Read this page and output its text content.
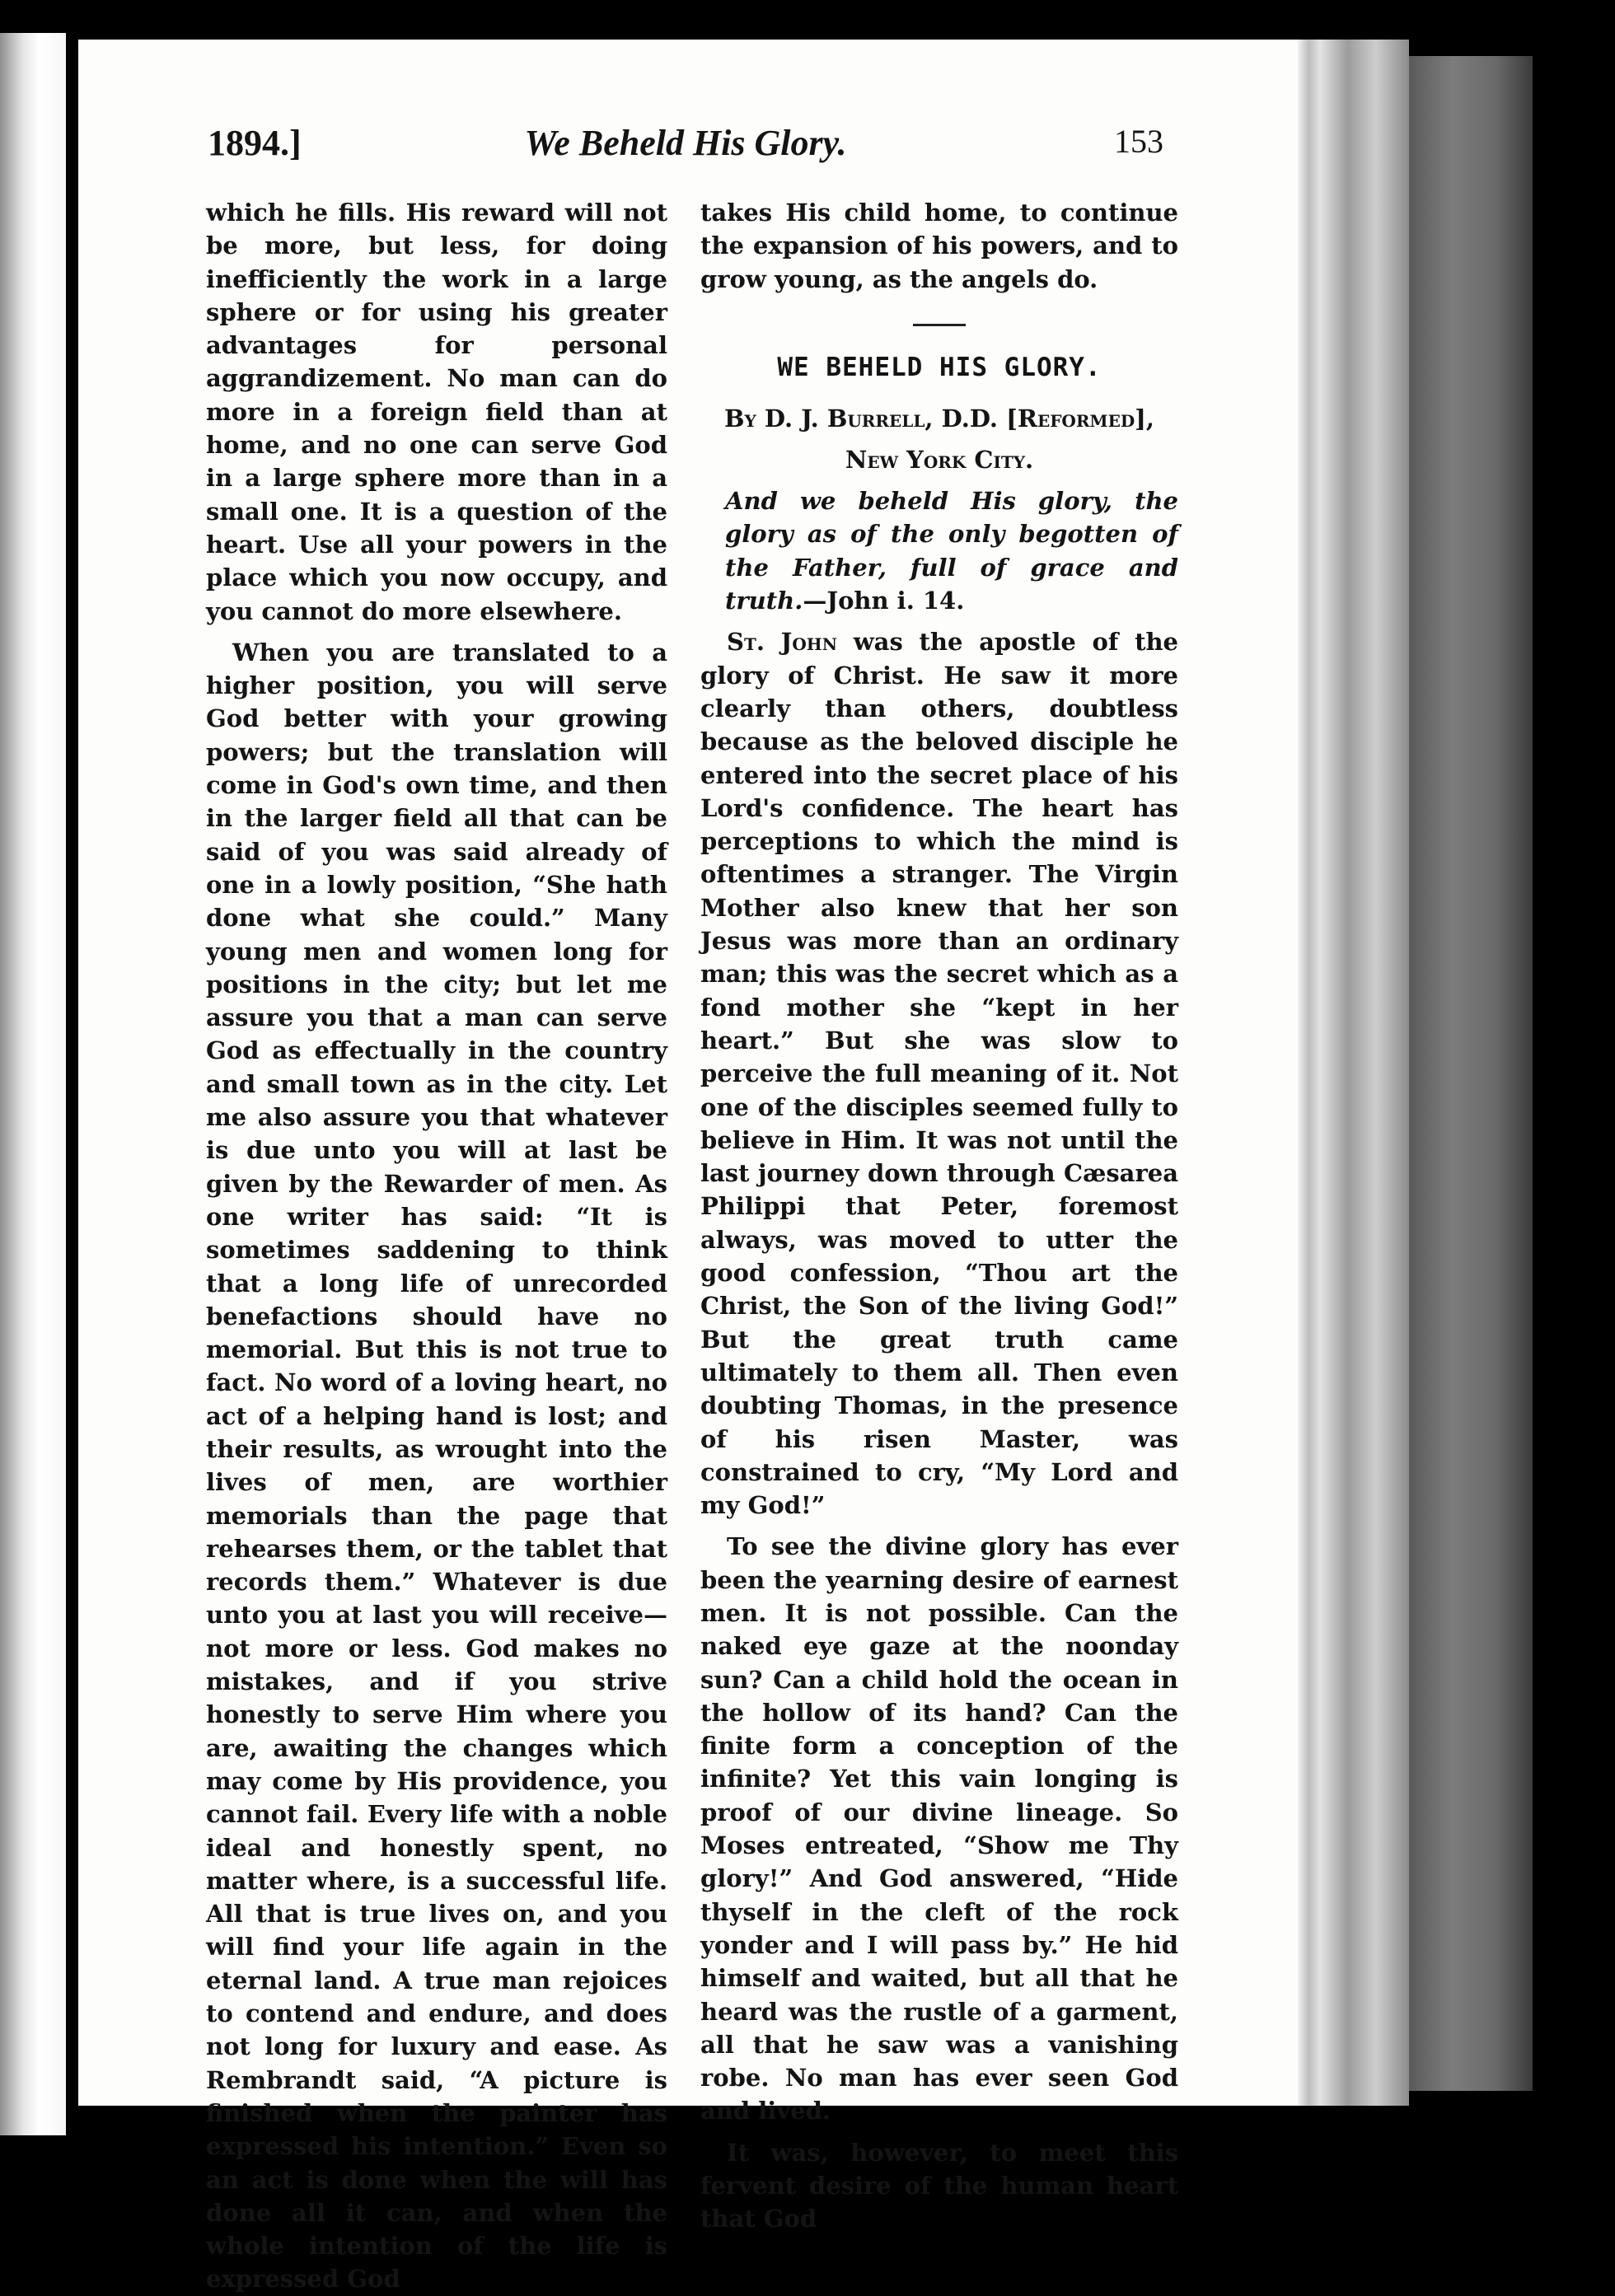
1894.]	We Beheld His Glory.	153

which he fills. His reward will not be more, but less, for doing inefficiently the work in a large sphere or for using his greater advantages for personal aggrandizement. No man can do more in a foreign field than at home, and no one can serve God in a large sphere more than in a small one. It is a question of the heart. Use all your powers in the place which you now occupy, and you cannot do more elsewhere.

When you are translated to a higher position, you will serve God better with your growing powers; but the translation will come in God's own time, and then in the larger field all that can be said of you was said already of one in a lowly position, “She hath done what she could.” Many young men and women long for positions in the city; but let me assure you that a man can serve God as effectually in the country and small town as in the city. Let me also assure you that whatever is due unto you will at last be given by the Rewarder of men. As one writer has said: “It is sometimes saddening to think that a long life of unrecorded benefactions should have no memorial. But this is not true to fact. No word of a loving heart, no act of a helping hand is lost; and their results, as wrought into the lives of men, are worthier memorials than the page that rehearses them, or the tablet that records them.” Whatever is due unto you at last you will receive—not more or less. God makes no mistakes, and if you strive honestly to serve Him where you are, awaiting the changes which may come by His providence, you cannot fail. Every life with a noble ideal and honestly spent, no matter where, is a successful life. All that is true lives on, and you will find your life again in the eternal land. A true man rejoices to contend and endure, and does not long for luxury and ease. As Rembrandt said, “A picture is finished when the painter has expressed his intention.” Even so an act is done when the will has done all it can, and when the whole intention of the life is expressed God

takes His child home, to continue the expansion of his powers, and to grow young, as the angels do.

WE BEHELD HIS GLORY.

By D. J. Burrell, D.D. [Reformed],

New York City.

And we beheld His glory, the glory as of the only begotten of the Father, full of grace and truth.—John i. 14.

St. John was the apostle of the glory of Christ. He saw it more clearly than others, doubtless because as the beloved disciple he entered into the secret place of his Lord's confidence. The heart has perceptions to which the mind is oftentimes a stranger. The Virgin Mother also knew that her son Jesus was more than an ordinary man; this was the secret which as a fond mother she “kept in her heart.” But she was slow to perceive the full meaning of it. Not one of the disciples seemed fully to believe in Him. It was not until the last journey down through Cæsarea Philippi that Peter, foremost always, was moved to utter the good confession, “Thou art the Christ, the Son of the living God!” But the great truth came ultimately to them all. Then even doubting Thomas, in the presence of his risen Master, was constrained to cry, “My Lord and my God!”

To see the divine glory has ever been the yearning desire of earnest men. It is not possible. Can the naked eye gaze at the noonday sun? Can a child hold the ocean in the hollow of its hand? Can the finite form a conception of the infinite? Yet this vain longing is proof of our divine lineage. So Moses entreated, “Show me Thy glory!” And God answered, “Hide thyself in the cleft of the rock yonder and I will pass by.” He hid himself and waited, but all that he heard was the rustle of a garment, all that he saw was a vanishing robe. No man has ever seen God and lived.

It was, however, to meet this fervent desire of the human heart that God
